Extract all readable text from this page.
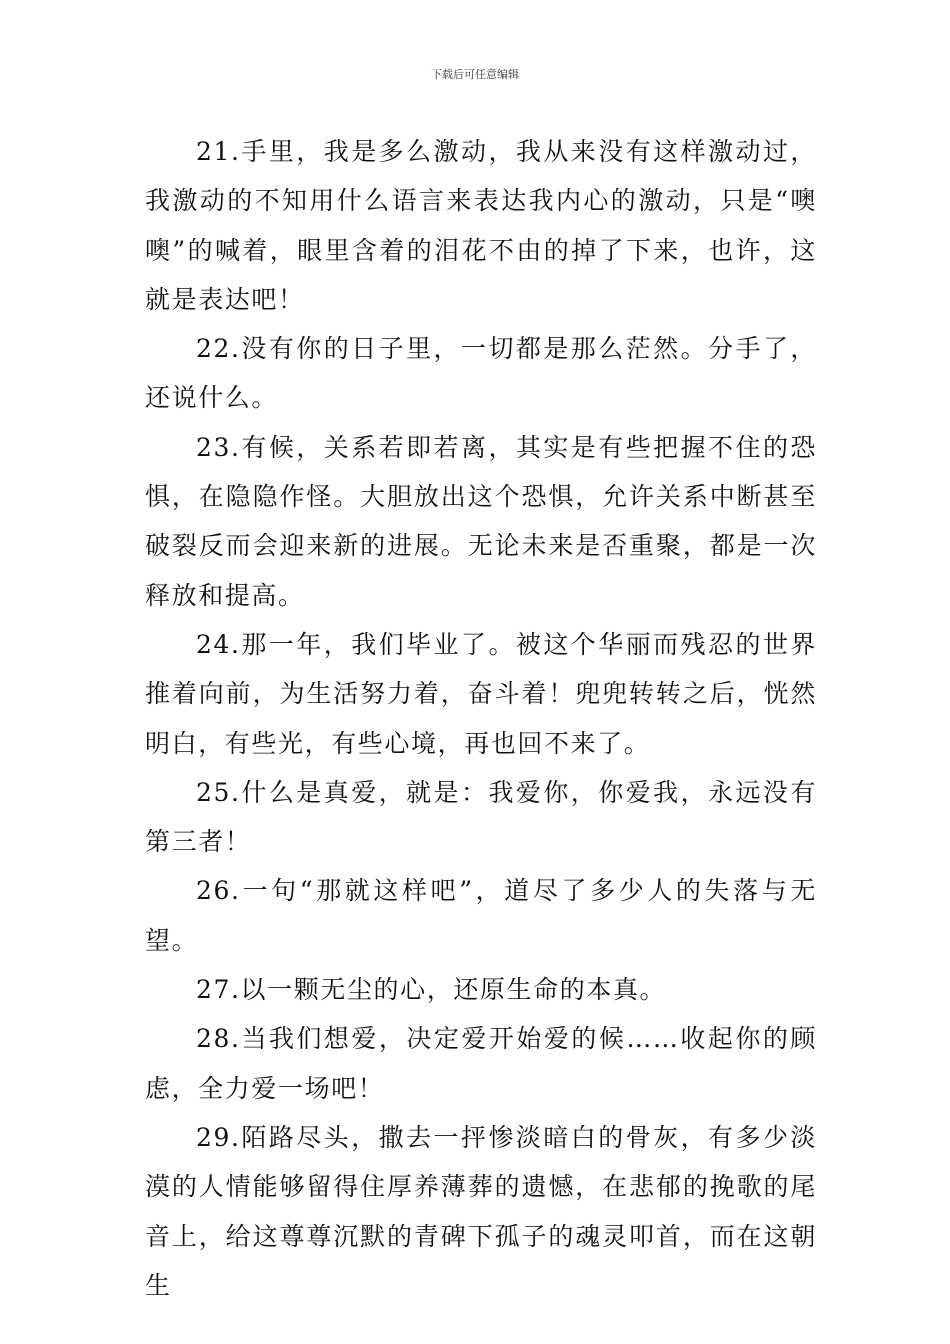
下载后可任意编辑

21.手里，我是多么激动，我从来没有这样激动过，我激动的不知用什么语言来表达我内心的激动，只是“噢噢”的喊着，眼里含着的泪花不由的掉了下来，也许，这就是表达吧！

22.没有你的日子里，一切都是那么茫然。分手了，还说什么。

23.有候，关系若即若离，其实是有些把握不住的恐惧，在隐隐作怪。大胆放出这个恐惧，允许关系中断甚至破裂反而会迎来新的进展。无论未来是否重聚，都是一次释放和提高。

24.那一年，我们毕业了。被这个华丽而残忍的世界推着向前，为生活努力着，奋斗着！兜兜转转之后，恍然明白，有些光，有些心境，再也回不来了。

25.什么是真爱，就是：我爱你，你爱我，永远没有第三者！

26.一句“那就这样吧”，道尽了多少人的失落与无望。

27.以一颗无尘的心，还原生命的本真。

28.当我们想爱，决定爱开始爱的候……收起你的顾虑，全力爱一场吧！

29.陌路尽头，撒去一抨惨淡暗白的骨灰，有多少淡漠的人情能够留得住厚养薄葬的遗憾，在悲郁的挽歌的尾音上，给这尊尊沉默的青碑下孤子的魂灵叩首，而在这朝生
